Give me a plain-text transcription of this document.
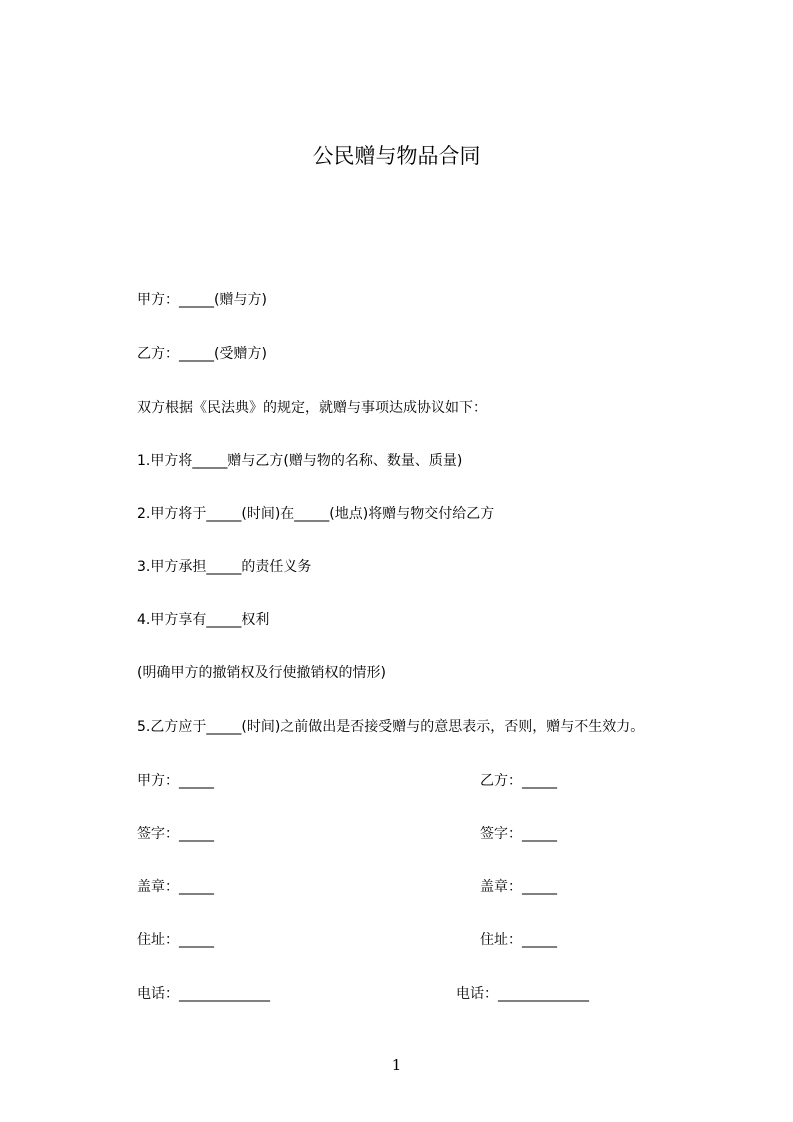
公民赠与物品合同
甲方：_____(赠与方)
乙方：_____(受赠方)
双方根据《民法典》的规定，就赠与事项达成协议如下：
1.甲方将_____赠与乙方(赠与物的名称、数量、质量)
2.甲方将于_____(时间)在_____(地点)将赠与物交付给乙方
3.甲方承担_____的责任义务
4.甲方享有_____权利
(明确甲方的撤销权及行使撤销权的情形)
5.乙方应于_____(时间)之前做出是否接受赠与的意思表示，否则，赠与不生效力。
甲方：_____	乙方：_____
签字：_____	签字：_____
盖章：_____	盖章：_____
住址：_____	住址：_____
电话：_____________	电话：_____________
1
